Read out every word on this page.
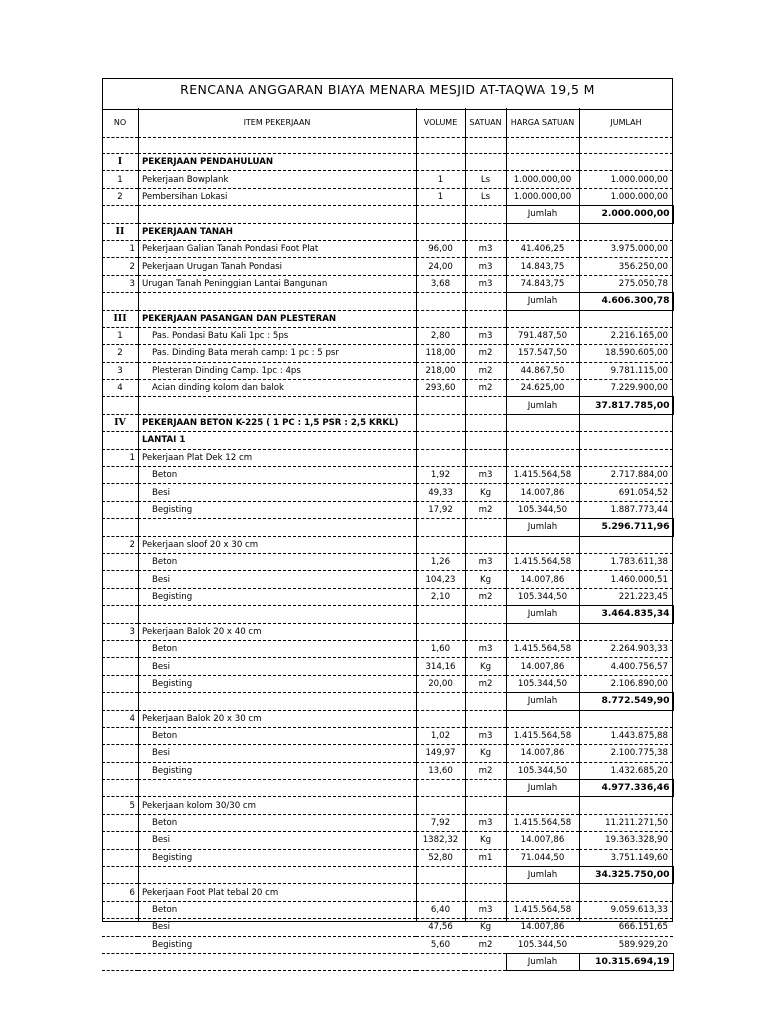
RENCANA ANGGARAN BIAYA MENARA MESJID AT-TAQWA 19,5 M
NO	ITEM PEKERJAAN	VOLUME	SATUAN	HARGA SATUAN	JUMLAH

I	PEKERJAAN PENDAHULUAN				
1	Pekerjaan Bowplank	1	Ls	1.000.000,00	1.000.000,00
2	Pembersihan Lokasi	1	Ls	1.000.000,00	1.000.000,00
				Jumlah	2.000.000,00
II	PEKERJAAN TANAH				
1	Pekerjaan Galian Tanah Pondasi Foot Plat	96,00	m3	41.406,25	3.975.000,00
2	Pekerjaan Urugan Tanah Pondasi	24,00	m3	14.843,75	356.250,00
3	Urugan Tanah Peninggian Lantai Bangunan	3,68	m3	74.843,75	275.050,78
				Jumlah	4.606.300,78
III	PEKERJAAN PASANGAN DAN PLESTERAN				
1	Pas. Pondasi Batu Kali 1pc : 5ps	2,80	m3	791.487,50	2.216.165,00
2	Pas. Dinding Bata merah camp: 1 pc : 5 psr	118,00	m2	157.547,50	18.590.605,00
3	Plesteran Dinding Camp. 1pc : 4ps	218,00	m2	44.867,50	9.781.115,00
4	Acian dinding kolom dan balok	293,60	m2	24.625,00	7.229.900,00
				Jumlah	37.817.785,00
IV	PEKERJAAN BETON K-225 ( 1 PC : 1,5 PSR : 2,5 KRKL)				
	LANTAI 1				
1	Pekerjaan Plat Dek 12 cm				
	Beton	1,92	m3	1.415.564,58	2.717.884,00
	Besi	49,33	Kg	14.007,86	691.054,52
	Begisting	17,92	m2	105.344,50	1.887.773,44
				Jumlah	5.296.711,96
2	Pekerjaan sloof 20 x 30 cm				
	Beton	1,26	m3	1.415.564,58	1.783.611,38
	Besi	104,23	Kg	14.007,86	1.460.000,51
	Begisting	2,10	m2	105.344,50	221.223,45
				Jumlah	3.464.835,34
3	Pekerjaan Balok 20 x 40 cm				
	Beton	1,60	m3	1.415.564,58	2.264.903,33
	Besi	314,16	Kg	14.007,86	4.400.756,57
	Begisting	20,00	m2	105.344,50	2.106.890,00
				Jumlah	8.772.549,90
4	Pekerjaan Balok 20 x 30 cm				
	Beton	1,02	m3	1.415.564,58	1.443.875,88
	Besi	149,97	Kg	14.007,86	2.100.775,38
	Begisting	13,60	m2	105.344,50	1.432.685,20
				Jumlah	4.977.336,46
5	Pekerjaan kolom 30/30 cm				
	Beton	7,92	m3	1.415.564,58	11.211.271,50
	Besi	1382,32	Kg	14.007,86	19.363.328,90
	Begisting	52,80	m1	71.044,50	3.751.149,60
				Jumlah	34.325.750,00
6	Pekerjaan Foot Plat tebal 20 cm				
	Beton	6,40	m3	1.415.564,58	9.059.613,33
	Besi	47,56	Kg	14.007,86	666.151,65
	Begisting	5,60	m2	105.344,50	589.929,20
				Jumlah	10.315.694,19
